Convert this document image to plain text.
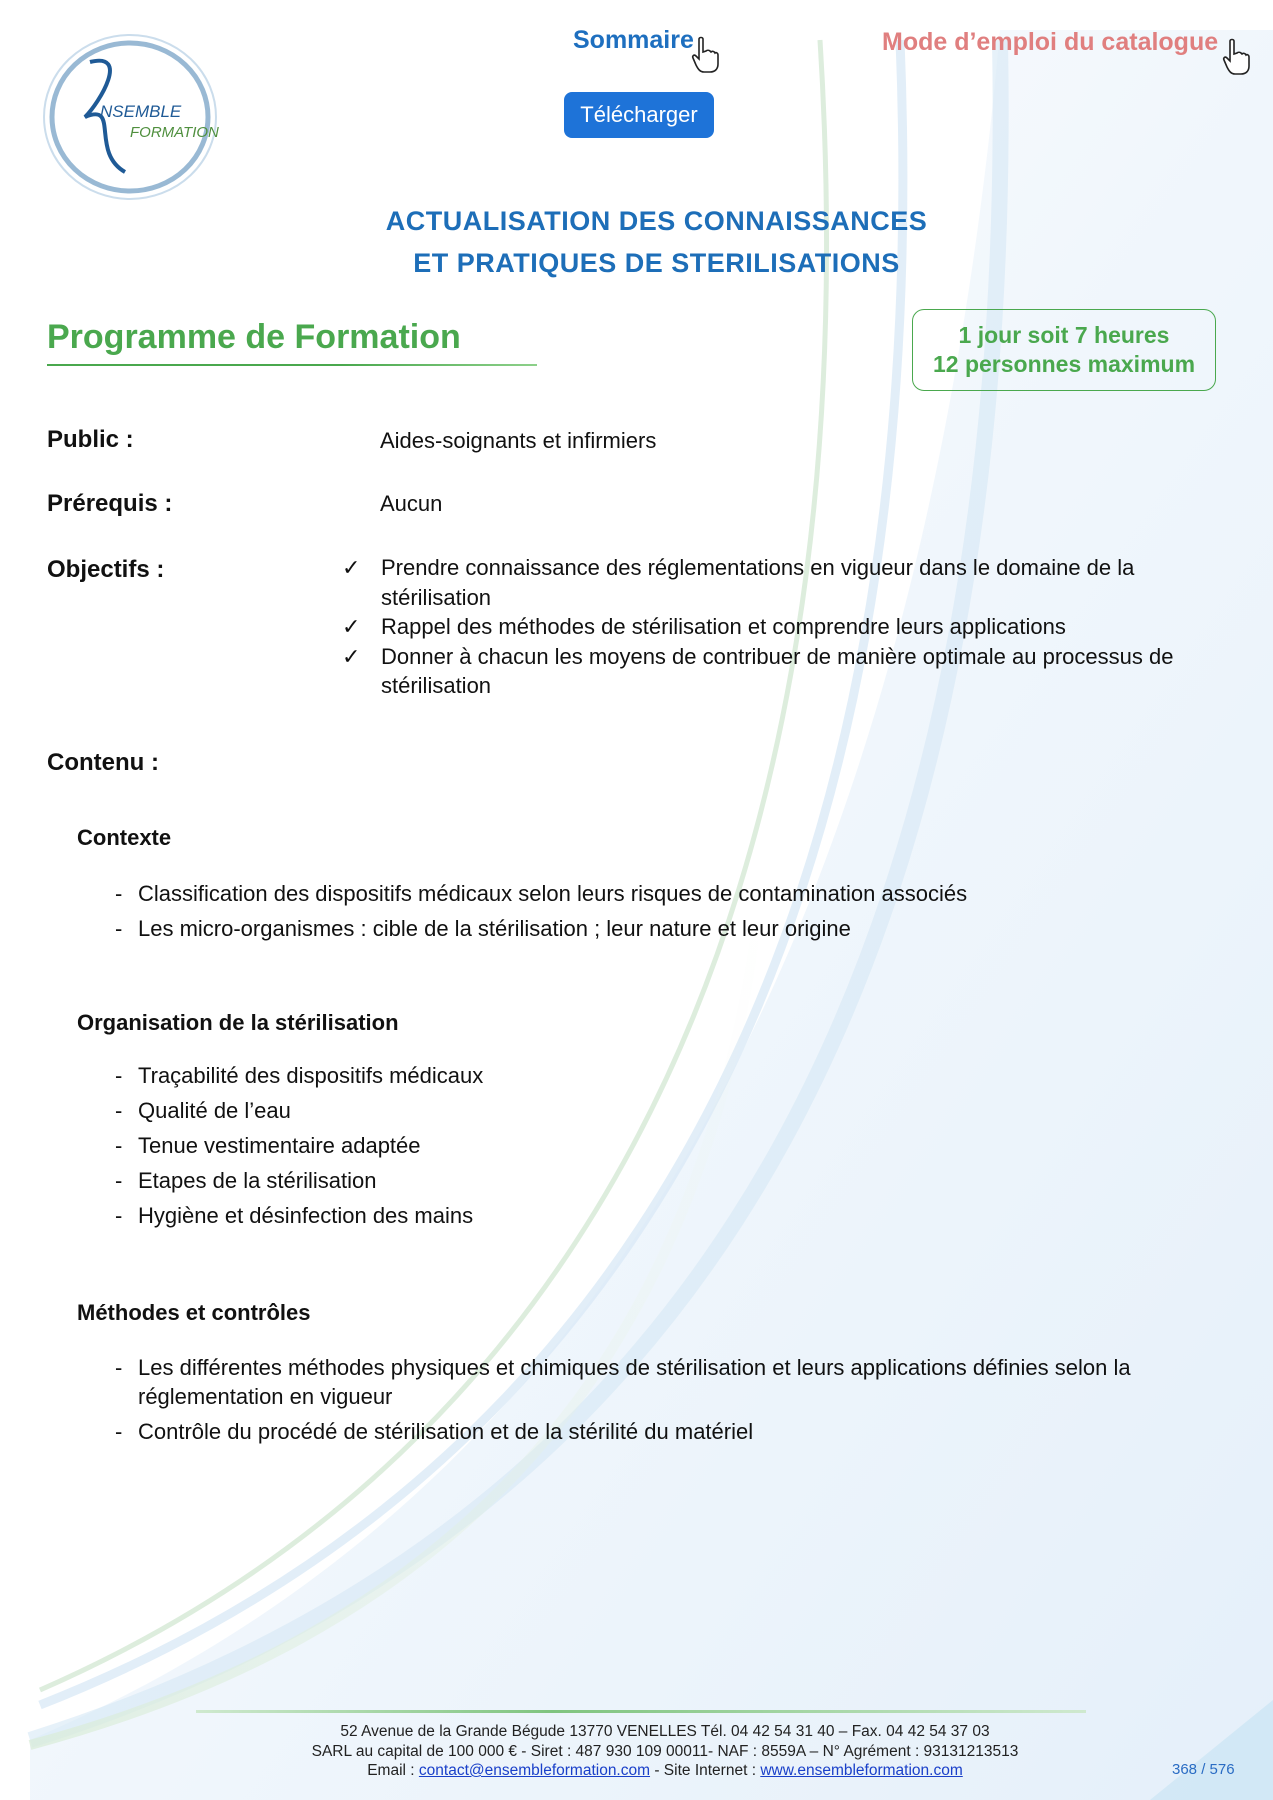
NSEMBLE
FORMATION
Sommaire	Mode d’emploi du catalogue
Télécharger
ACTUALISATION DES CONNAISSANCES
ET PRATIQUES DE STERILISATIONS
Programme de Formation	1 jour soit 7 heures
12 personnes maximum
Public :	Aides-soignants et infirmiers
Prérequis :	Aucun
Objectifs :	✓ Prendre connaissance des réglementations en vigueur dans le domaine de la stérilisation
✓ Rappel des méthodes de stérilisation et comprendre leurs applications
✓ Donner à chacun les moyens de contribuer de manière optimale au processus de stérilisation
Contenu :
Contexte
- Classification des dispositifs médicaux selon leurs risques de contamination associés
- Les micro-organismes : cible de la stérilisation ; leur nature et leur origine
Organisation de la stérilisation
- Traçabilité des dispositifs médicaux
- Qualité de l’eau
- Tenue vestimentaire adaptée
- Etapes de la stérilisation
- Hygiène et désinfection des mains
Méthodes et contrôles
- Les différentes méthodes physiques et chimiques de stérilisation et leurs applications définies selon la réglementation en vigueur
- Contrôle du procédé de stérilisation et de la stérilité du matériel
52 Avenue de la Grande Bégude 13770 VENELLES Tél. 04 42 54 31 40 – Fax. 04 42 54 37 03
SARL au capital de 100 000 € - Siret : 487 930 109 00011- NAF : 8559A – N° Agrément : 93131213513
Email : contact@ensembleformation.com - Site Internet : www.ensembleformation.com	368 / 576
